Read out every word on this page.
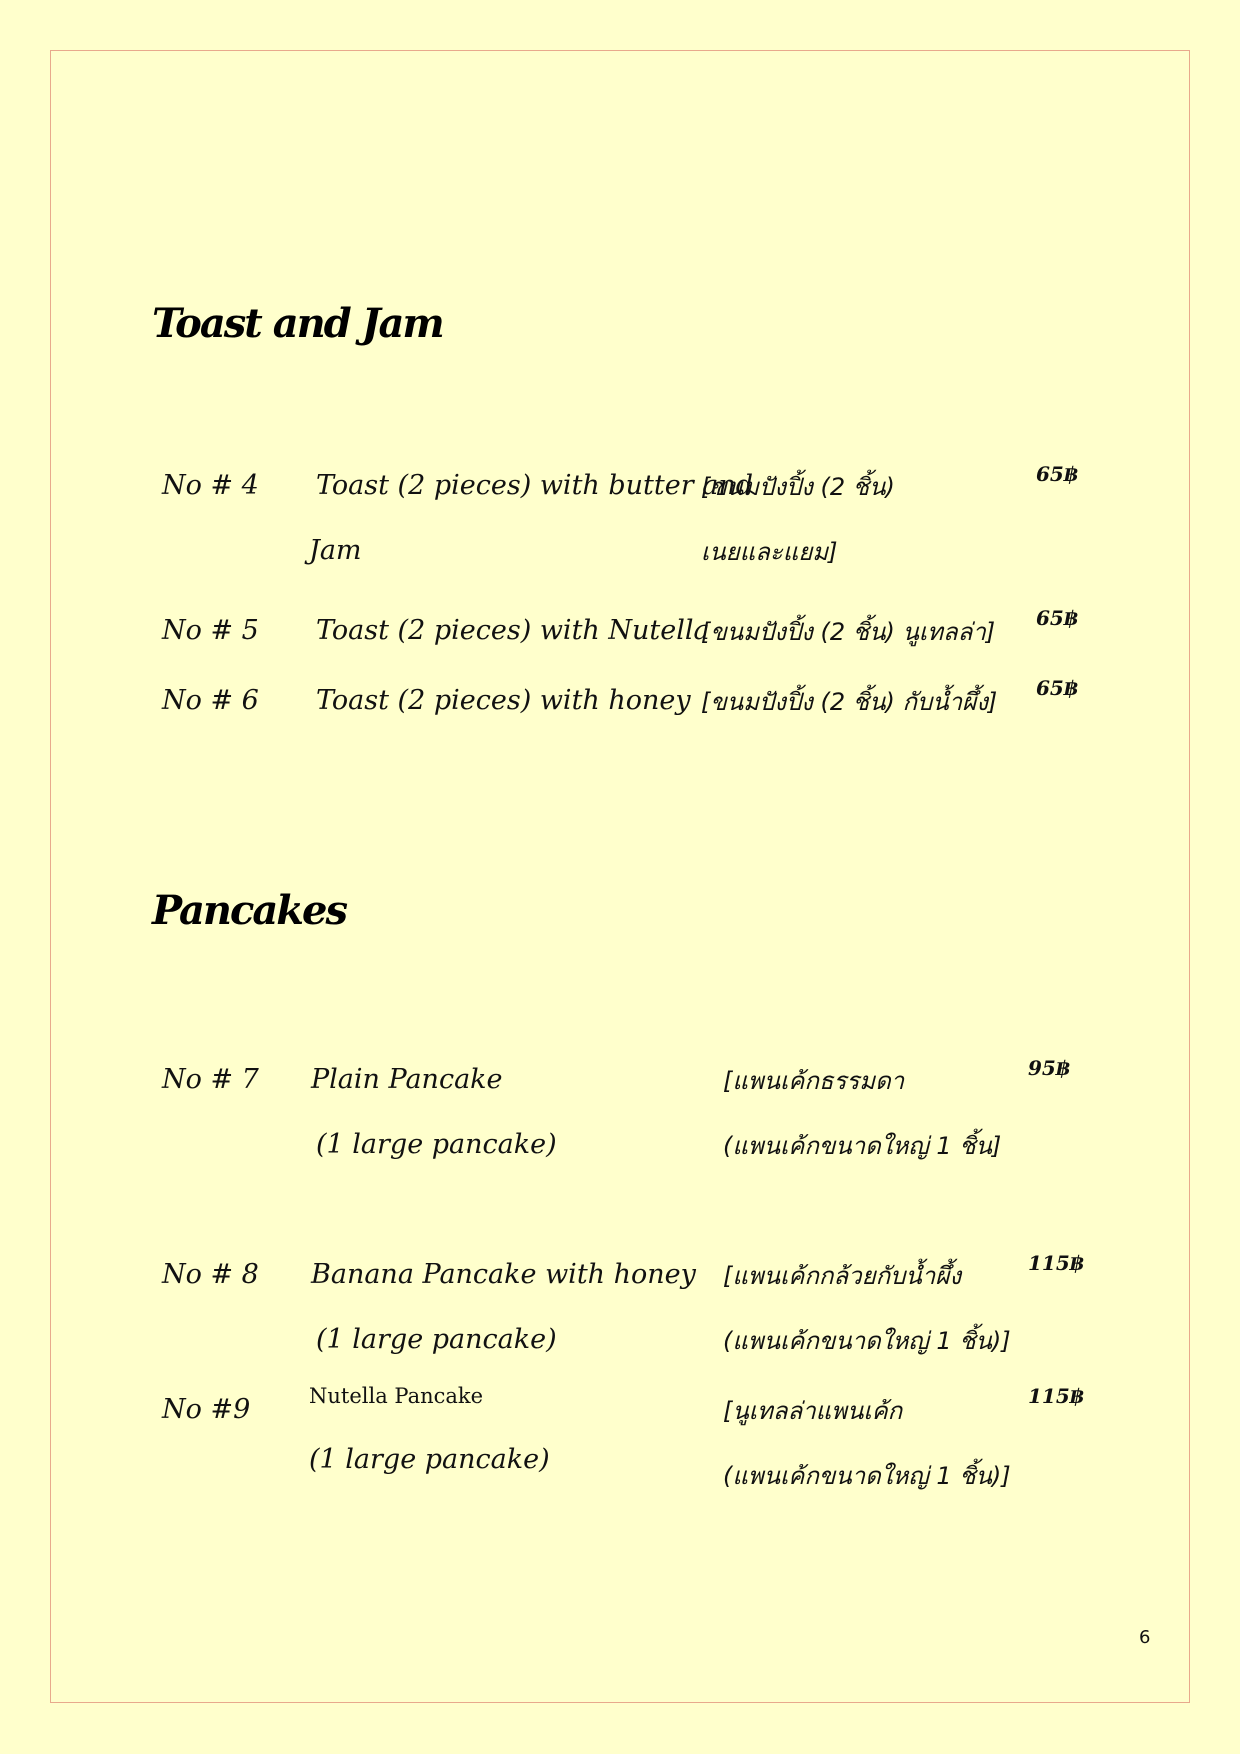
Toast and Jam
No # 4 Toast (2 pieces) with butter and
Jam
[ขนมปังปิ้ง (2 ชิ้น)
เนยและแยม]
65฿
No # 5 Toast (2 pieces) with Nutella
[ขนมปังปิ้ง (2 ชิ้น) นูเทลล่า] 65฿
No # 6 Toast (2 pieces) with honey [ขนมปังปิ้ง (2 ชิ้น) กับน้ำผึ้ง] 65฿
Pancakes
No # 7 Plain Pancake
(1 large pancake)
[แพนเค้กธรรมดา
(แพนเค้กขนาดใหญ่ 1 ชิ้น]
95฿
No # 8 Banana Pancake with honey
(1 large pancake)
[แพนเค้กกล้วยกับน้ำผึ้ง
(แพนเค้กขนาดใหญ่ 1 ชิ้น)]
115฿
No #9	Nutella Pancake
(1 large pancake)
[นูเทลล่าแพนเค้ก
(แพนเค้กขนาดใหญ่ 1 ชิ้น)]
115฿
6
